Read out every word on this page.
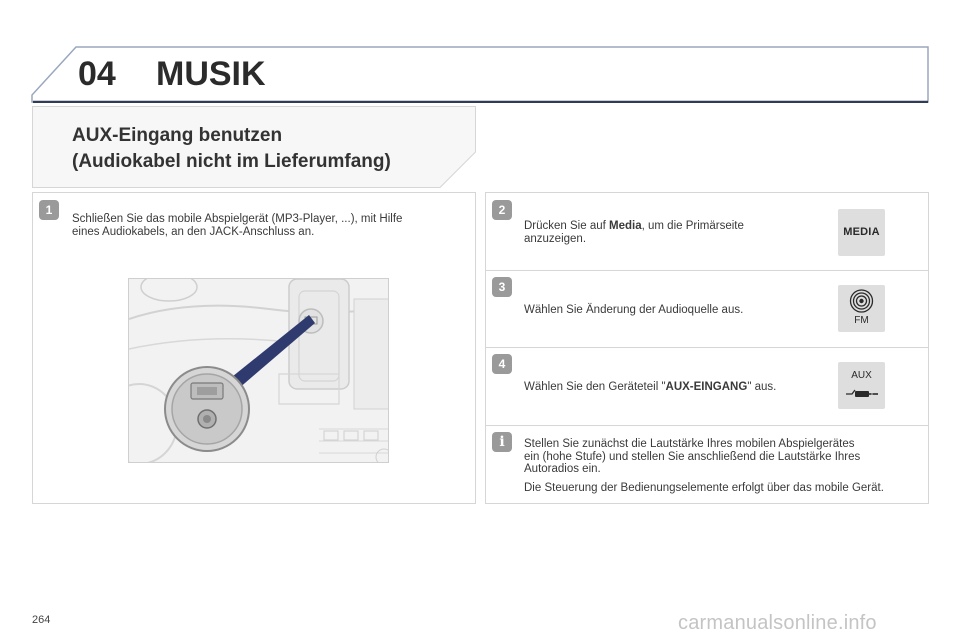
04 MUSIK
AUX-Eingang benutzen
(Audiokabel nicht im Lieferumfang)
1
Schließen Sie das mobile Abspielgerät (MP3-Player, ...), mit Hilfe
eines Audiokabels, an den JACK-Anschluss an.
2
Drücken Sie auf Media, um die Primärseite
anzuzeigen.
MEDIA
3
Wählen Sie Änderung der Audioquelle aus.
FM
4
Wählen Sie den Geräteteil "AUX-EINGANG" aus.
AUX
i	Stellen Sie zunächst die Lautstärke Ihres mobilen Abspielgerätes
ein (hohe Stufe) und stellen Sie anschließend die Lautstärke Ihres
Autoradios ein.
Die Steuerung der Bedienungselemente erfolgt über das mobile Gerät.
264	carmanualsonline.info
